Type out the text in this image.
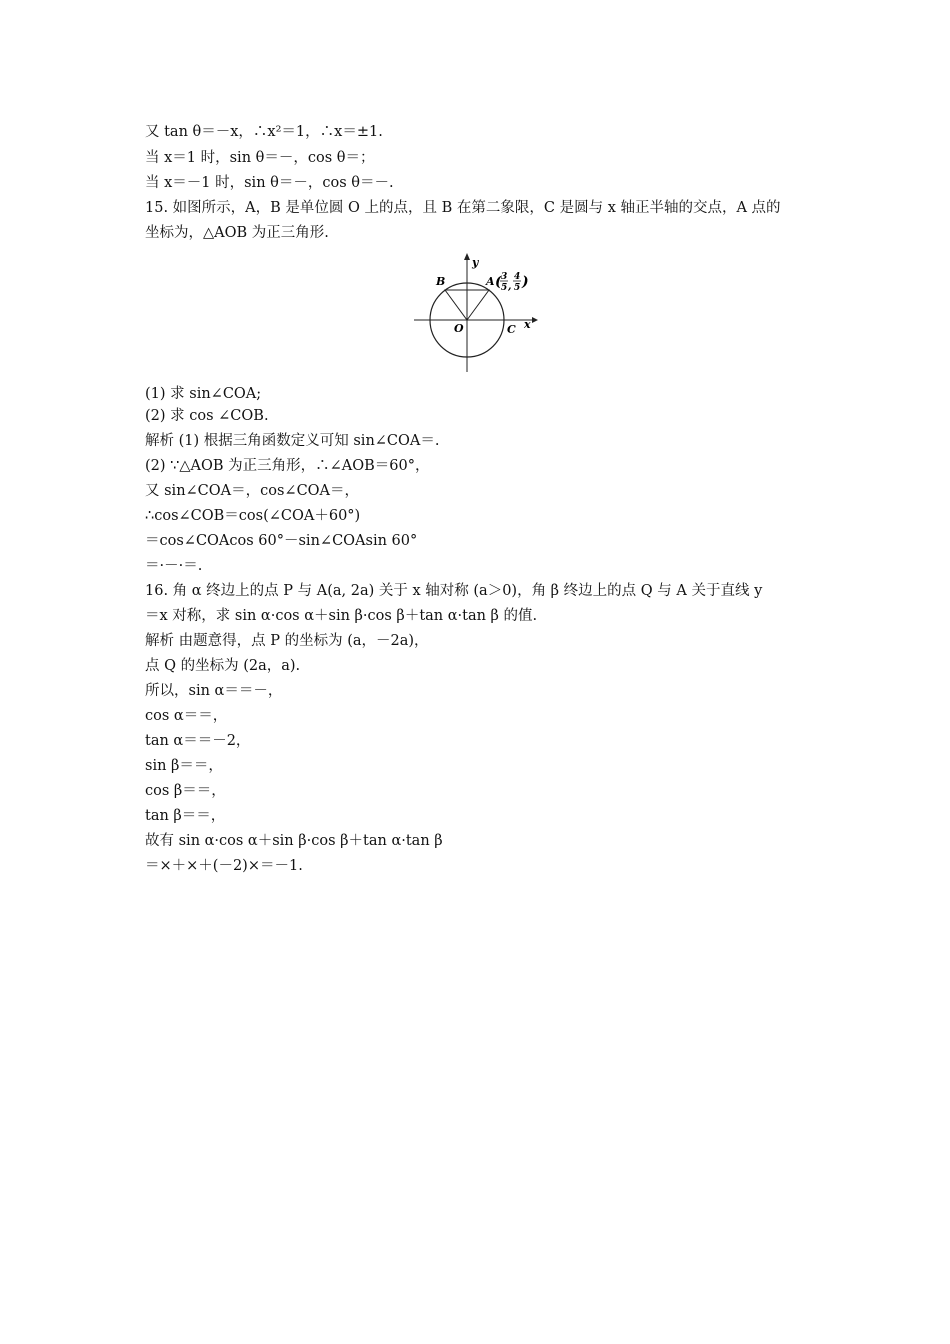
又 tan θ＝－x，∴x²＝1，∴x＝±1.
当 x＝1 时，sin θ＝－，cos θ＝；
当 x＝－1 时，sin θ＝－，cos θ＝－.
15. 如图所示，A，B 是单位圆 O 上的点，且 B 在第二象限，C 是圆与 x 轴正半轴的交点，A 点的
坐标为，△AOB 为正三角形.
y
x
O	C
B	A ( 3
5 ,
4
5 )
(1) 求 sin∠COA;
(2) 求 cos ∠COB.
解析 (1) 根据三角函数定义可知 sin∠COA＝.
(2) ∵△AOB 为正三角形，∴∠AOB＝60°，
又 sin∠COA＝，cos∠COA＝，
∴cos∠COB＝cos(∠COA＋60°)
＝cos∠COAcos 60°－sin∠COAsin 60°
＝·－·＝.
16. 角 α 终边上的点 P 与 A(a, 2a) 关于 x 轴对称 (a＞0)，角 β 终边上的点 Q 与 A 关于直线 y
＝x 对称，求 sin α·cos α＋sin β·cos β＋tan α·tan β 的值.
解析 由题意得，点 P 的坐标为 (a，－2a)，
点 Q 的坐标为 (2a，a).
所以，sin α＝＝－，
cos α＝＝，
tan α＝＝－2，
sin β＝＝，
cos β＝＝，
tan β＝＝，
故有 sin α·cos α＋sin β·cos β＋tan α·tan β
＝×＋×＋(－2)×＝－1.
